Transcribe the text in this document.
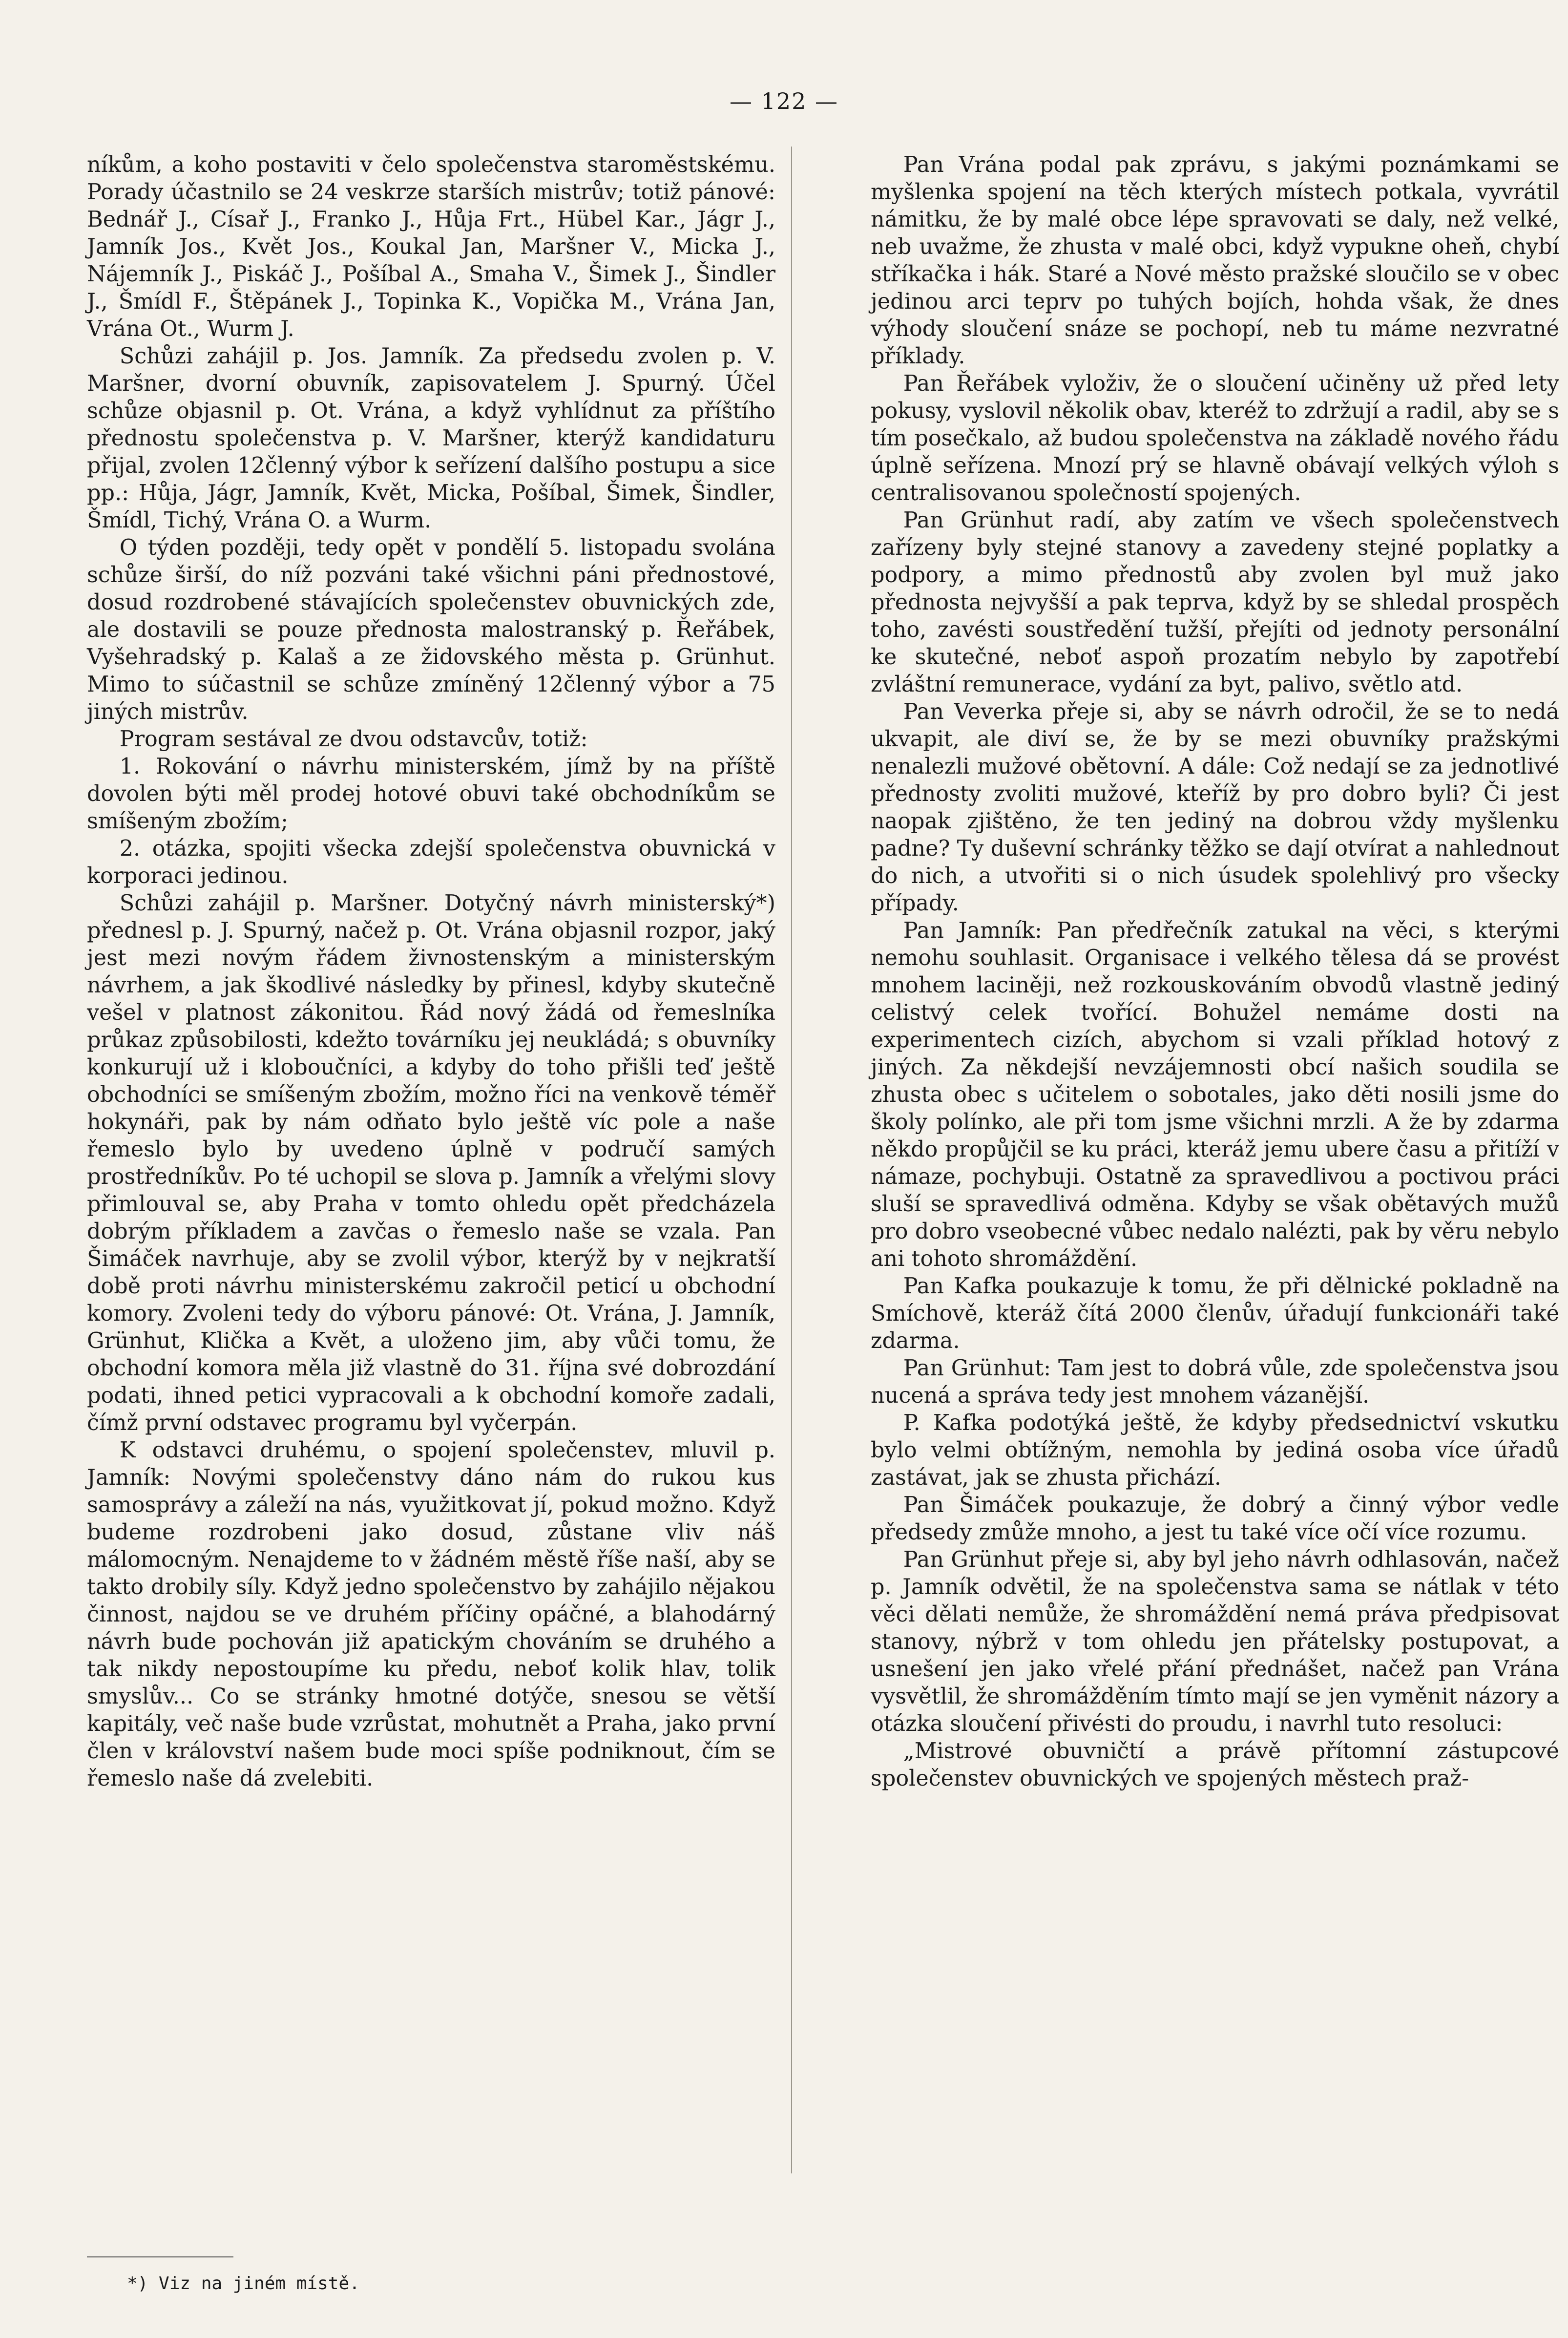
— 122 —

níkům, a koho postaviti v čelo společenstva staroměstskému. Porady účastnilo se 24 veskrze starších mistrův; totiž pánové: Bednář J., Císař J., Franko J., Hůja Frt., Hübel Kar., Jágr J., Jamník Jos., Květ Jos., Koukal Jan, Maršner V., Micka J., Nájemník J., Piskáč J., Pošíbal A., Smaha V., Šimek J., Šindler J., Šmídl F., Štěpánek J., Topinka K., Vopička M., Vrána Jan, Vrána Ot., Wurm J.

Schůzi zahájil p. Jos. Jamník. Za předsedu zvolen p. V. Maršner, dvorní obuvník, zapisovatelem J. Spurný. Účel schůze objasnil p. Ot. Vrána, a když vyhlídnut za příštího přednostu společenstva p. V. Maršner, kterýž kandidaturu přijal, zvolen 12členný výbor k seřízení dalšího postupu a sice pp.: Hůja, Jágr, Jamník, Květ, Micka, Pošíbal, Šimek, Šindler, Šmídl, Tichý, Vrána O. a Wurm.

O týden později, tedy opět v pondělí 5. listopadu svolána schůze širší, do níž pozváni také všichni páni přednostové, dosud rozdrobené stávajících společenstev obuvnických zde, ale dostavili se pouze přednosta malostranský p. Řeřábek, Vyšehradský p. Kalaš a ze židovského města p. Grünhut. Mimo to súčastnil se schůze zmíněný 12členný výbor a 75 jiných mistrův.

Program sestával ze dvou odstavcův, totiž:

1. Rokování o návrhu ministerském, jímž by na příště dovolen býti měl prodej hotové obuvi také obchodníkům se smíšeným zbožím;

2. otázka, spojiti všecka zdejší společenstva obuvnická v korporaci jedinou.

Schůzi zahájil p. Maršner. Dotyčný návrh ministerský*) přednesl p. J. Spurný, načež p. Ot. Vrána objasnil rozpor, jaký jest mezi novým řádem živnostenským a ministerským návrhem, a jak škodlivé následky by přinesl, kdyby skutečně vešel v platnost zákonitou. Řád nový žádá od řemeslníka průkaz způsobilosti, kdežto továrníku jej neukládá; s obuvníky konkurují už i kloboučníci, a kdyby do toho přišli teď ještě obchodníci se smíšeným zbožím, možno říci na venkově téměř hokynáři, pak by nám odňato bylo ještě víc pole a naše řemeslo bylo by uvedeno úplně v područí samých prostředníkův. Po té uchopil se slova p. Jamník a vřelými slovy přimlouval se, aby Praha v tomto ohledu opět předcházela dobrým příkladem a zavčas o řemeslo naše se vzala. Pan Šimáček navrhuje, aby se zvolil výbor, kterýž by v nejkratší době proti návrhu ministerskému zakročil peticí u obchodní komory. Zvoleni tedy do výboru pánové: Ot. Vrána, J. Jamník, Grünhut, Klička a Květ, a uloženo jim, aby vůči tomu, že obchodní komora měla již vlastně do 31. října své dobrozdání podati, ihned petici vypracovali a k obchodní komoře zadali, čímž první odstavec programu byl vyčerpán.

K odstavci druhému, o spojení společenstev, mluvil p. Jamník: Novými společenstvy dáno nám do rukou kus samosprávy a záleží na nás, využitkovat jí, pokud možno. Když budeme rozdrobeni jako dosud, zůstane vliv náš málomocným. Nenajdeme to v žádném městě říše naší, aby se takto drobily síly. Když jedno společenstvo by zahájilo nějakou činnost, najdou se ve druhém příčiny opáčné, a blahodárný návrh bude pochován již apatickým chováním se druhého a tak nikdy nepostoupíme ku předu, neboť kolik hlav, tolik smyslův... Co se stránky hmotné dotýče, snesou se větší kapitály, več naše bude vzrůstat, mohutnět a Praha, jako první člen v království našem bude moci spíše podniknout, čím se řemeslo naše dá zvelebiti.

Pan Vrána podal pak zprávu, s jakými poznámkami se myšlenka spojení na těch kterých místech potkala, vyvrátil námitku, že by malé obce lépe spravovati se daly, než velké, neb uvažme, že zhusta v malé obci, když vypukne oheň, chybí stříkačka i hák. Staré a Nové město pražské sloučilo se v obec jedinou arci teprv po tuhých bojích, hohda však, že dnes výhody sloučení snáze se pochopí, neb tu máme nezvratné příklady.

Pan Řeřábek vyloživ, že o sloučení učiněny už před lety pokusy, vyslovil několik obav, kteréž to zdržují a radil, aby se s tím posečkalo, až budou společenstva na základě nového řádu úplně seřízena. Mnozí prý se hlavně obávají velkých výloh s centralisovanou společností spojených.

Pan Grünhut radí, aby zatím ve všech společenstvech zařízeny byly stejné stanovy a zavedeny stejné poplatky a podpory, a mimo přednostů aby zvolen byl muž jako přednosta nejvyšší a pak teprva, když by se shledal prospěch toho, zavésti soustředění tužší, přejíti od jednoty personální ke skutečné, neboť aspoň prozatím nebylo by zapotřebí zvláštní remunerace, vydání za byt, palivo, světlo atd.

Pan Veverka přeje si, aby se návrh odročil, že se to nedá ukvapit, ale diví se, že by se mezi obuvníky pražskými nenalezli mužové obětovní. A dále: Což nedají se za jednotlivé přednosty zvoliti mužové, kteříž by pro dobro byli? Či jest naopak zjištěno, že ten jediný na dobrou vždy myšlenku padne? Ty duševní schránky těžko se dají otvírat a nahlednout do nich, a utvořiti si o nich úsudek spolehlivý pro všecky případy.

Pan Jamník: Pan předřečník zatukal na věci, s kterými nemohu souhlasit. Organisace i velkého tělesa dá se provést mnohem laciněji, než rozkouskováním obvodů vlastně jediný celistvý celek tvořící. Bohužel nemáme dosti na experimentech cizích, abychom si vzali příklad hotový z jiných. Za někdejší nevzájemnosti obcí našich soudila se zhusta obec s učitelem o sobotales, jako děti nosili jsme do školy polínko, ale při tom jsme všichni mrzli. A že by zdarma někdo propůjčil se ku práci, kteráž jemu ubere času a přitíží v námaze, pochybuji. Ostatně za spravedlivou a poctivou práci sluší se spravedlivá odměna. Kdyby se však obětavých mužů pro dobro vseobecné vůbec nedalo nalézti, pak by věru nebylo ani tohoto shromáždění.

Pan Kafka poukazuje k tomu, že při dělnické pokladně na Smíchově, kteráž čítá 2000 členův, úřadují funkcionáři také zdarma.

Pan Grünhut: Tam jest to dobrá vůle, zde společenstva jsou nucená a správa tedy jest mnohem vázanější.

P. Kafka podotýká ještě, že kdyby předsednictví vskutku bylo velmi obtížným, nemohla by jediná osoba více úřadů zastávat, jak se zhusta přichází.

Pan Šimáček poukazuje, že dobrý a činný výbor vedle předsedy zmůže mnoho, a jest tu také více očí více rozumu.

Pan Grünhut přeje si, aby byl jeho návrh odhlasován, načež p. Jamník odvětil, že na společenstva sama se nátlak v této věci dělati nemůže, že shromáždění nemá práva předpisovat stanovy, nýbrž v tom ohledu jen přátelsky postupovat, a usnešení jen jako vřelé přání přednášet, načež pan Vrána vysvětlil, že shromážděním tímto mají se jen vyměnit názory a otázka sloučení přivésti do proudu, i navrhl tuto resoluci:

„Mistrové obuvničtí a právě přítomní zástupcové společenstev obuvnických ve spojených městech praž-

*) Viz na jiném místě.
